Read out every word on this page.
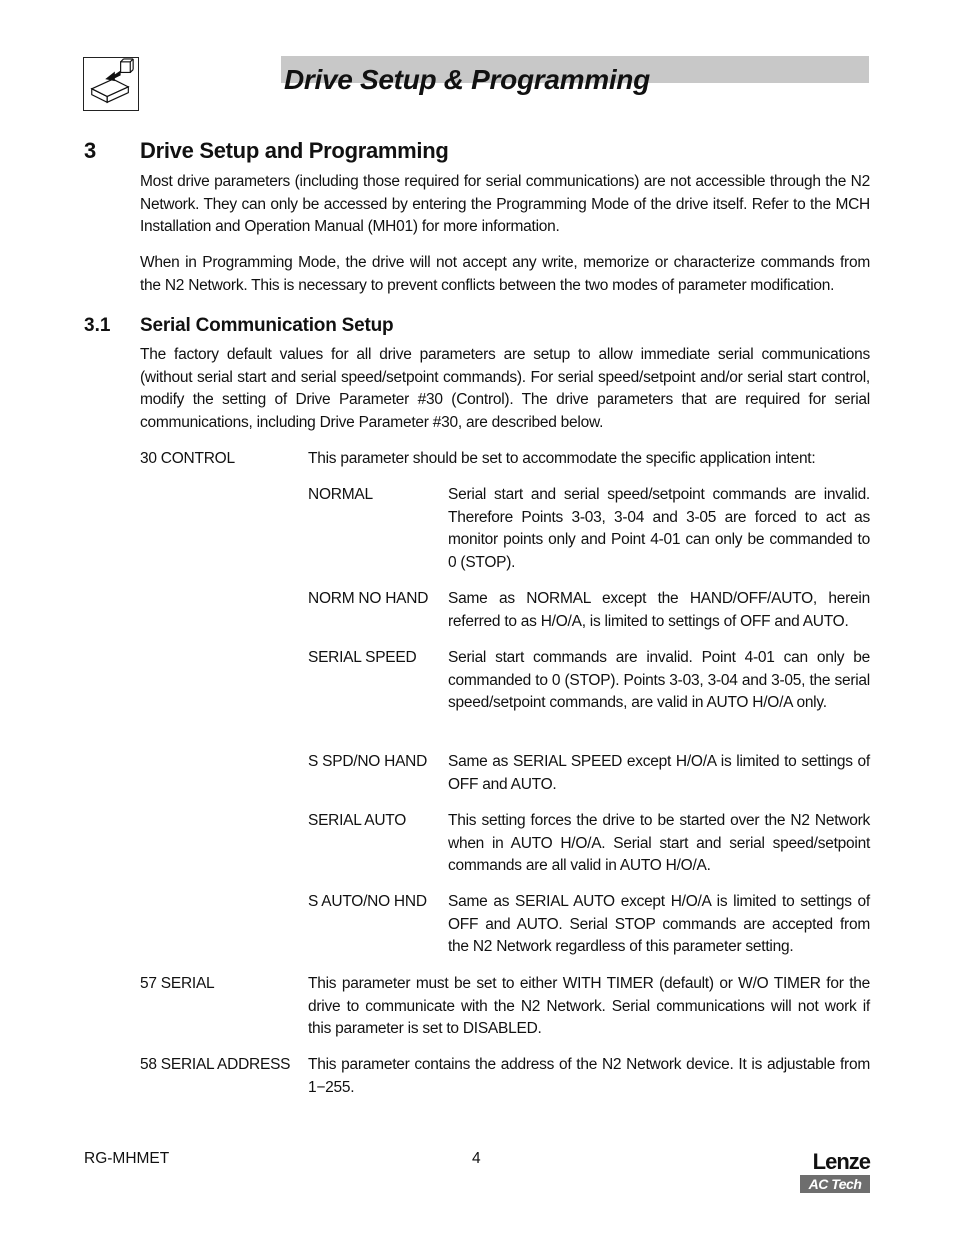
Drive Setup & Programming
3 Drive Setup and Programming

Most drive parameters (including those required for serial communications) are not accessible through the N2 Network. They can only be accessed by entering the Programming Mode of the drive itself. Refer to the MCH Installation and Operation Manual (MH01) for more information.

When in Programming Mode, the drive will not accept any write, memorize or characterize commands from the N2 Network. This is necessary to prevent conflicts between the two modes of parameter modification.

3.1 Serial Communication Setup

The factory default values for all drive parameters are setup to allow immediate serial communications (without serial start and serial speed/setpoint commands). For serial speed/setpoint and/or serial start control, modify the setting of Drive Parameter #30 (Control). The drive parameters that are required for serial communications, including Drive Parameter #30, are described below.

30 CONTROL	This parameter should be set to accommodate the specific application intent:

NORMAL	Serial start and serial speed/setpoint commands are invalid. Therefore Points 3-03, 3-04 and 3-05 are forced to act as monitor points only and Point 4-01 can only be commanded to 0 (STOP).

NORM NO HAND Same as NORMAL except the HAND/OFF/AUTO, herein referred to as H/O/A, is limited to settings of OFF and AUTO.

SERIAL SPEED Serial start commands are invalid. Point 4-01 can only be commanded to 0 (STOP). Points 3-03, 3-04 and 3-05, the serial speed/setpoint commands, are valid in AUTO H/O/A only.

S SPD/NO HAND Same as SERIAL SPEED except H/O/A is limited to settings of OFF and AUTO.

SERIAL AUTO	This setting forces the drive to be started over the N2 Network when in AUTO H/O/A. Serial start and serial speed/setpoint commands are all valid in AUTO H/O/A.

S AUTO/NO HND Same as SERIAL AUTO except H/O/A is limited to settings of OFF and AUTO. Serial STOP commands are accepted from the N2 Network regardless of this parameter setting.

57 SERIAL	This parameter must be set to either WITH TIMER (default) or W/O TIMER for the drive to communicate with the N2 Network. Serial communications will not work if this parameter is set to DISABLED.

58 SERIAL ADDRESS This parameter contains the address of the N2 Network device. It is adjustable from 1−255.

RG-MHMET	4	Lenze
AC Tech
